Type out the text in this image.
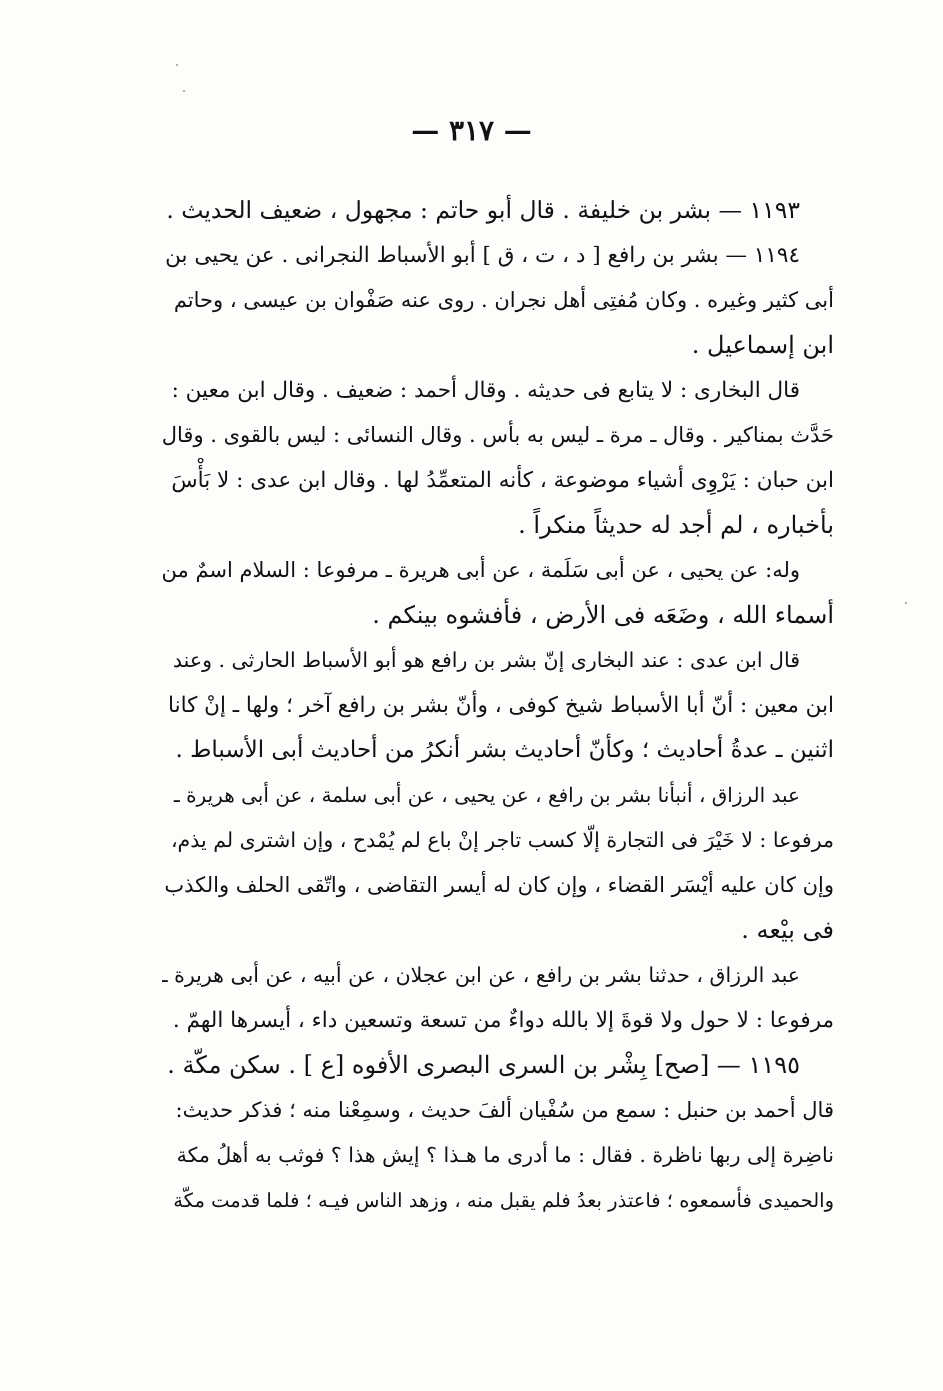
— ٣١٧ —
١١٩٣ — بشر بن خليفة . قال أبو حاتم : مجهول ، ضعيف الحديث .
١١٩٤ — بشر بن رافع [ د ، ت ، ق ] أبو الأسباط النجرانى . عن يحيى بن
أبى كثير وغيره . وكان مُفتِى أهل نجران . روى عنه صَفْوان بن عيسى ، وحاتم
ابن إسماعيل .
قال البخارى : لا يتابع فى حديثه . وقال أحمد : ضعيف . وقال ابن معين :
حَدَّث بمناكير . وقال ـ مرة ـ ليس به بأس . وقال النسائى : ليس بالقوى . وقال
ابن حبان : يَرْوِى أشياء موضوعة ، كأنه المتعمِّدُ لها . وقال ابن عدى : لا بَأْسَ
بأخباره ، لم أجد له حديثاً منكراً .
وله: عن يحيى ، عن أبى سَلَمة ، عن أبى هريرة ـ مرفوعا : السلام اسمٌ من
أسماء الله ، وضَعَه فى الأرض ، فأفشوه بينكم .
قال ابن عدى : عند البخارى إنّ بشر بن رافع هو أبو الأسباط الحارثى . وعند
ابن معين : أنّ أبا الأسباط شيخ كوفى ، وأنّ بشر بن رافع آخر ؛ ولها ـ إنْ كانا
اثنين ـ عدةُ أحاديث ؛ وكأنّ أحاديث بشر أنكرُ من أحاديث أبى الأسباط .
عبد الرزاق ، أنبأنا بشر بن رافع ، عن يحيى ، عن أبى سلمة ، عن أبى هريرة ـ
مرفوعا : لا خَيْرَ فى التجارة إلّا كسب تاجر إنْ باع لم يُمْدح ، وإن اشترى لم يذم،
وإن كان عليه أيْسَر القضاء ، وإن كان له أيسر التقاضى ، واتّقى الحلف والكذب
فى بيْعه .
عبد الرزاق ، حدثنا بشر بن رافع ، عن ابن عجلان ، عن أبيه ، عن أبى هريرة ـ
مرفوعا : لا حول ولا قوةَ إلا بالله دواءٌ من تسعة وتسعين داء ، أيسرها الهمّ .
١١٩٥ — [صح] بِشْر بن السرى البصرى الأفوه [ع ] . سكن مكّة .
قال أحمد بن حنبل : سمع من سُفْيان ألفَ حديث ، وسمِعْنا منه ؛ فذكر حديث:
ناضِرة إلى ربها ناظرة . فقال : ما أدرى ما هـذا ؟ إيش هذا ؟ فوثب به أهلُ مكة
والحميدى فأسمعوه ؛ فاعتذر بعدُ فلم يقبل منه ، وزهد الناس فيـه ؛ فلما قدمت مكّة
